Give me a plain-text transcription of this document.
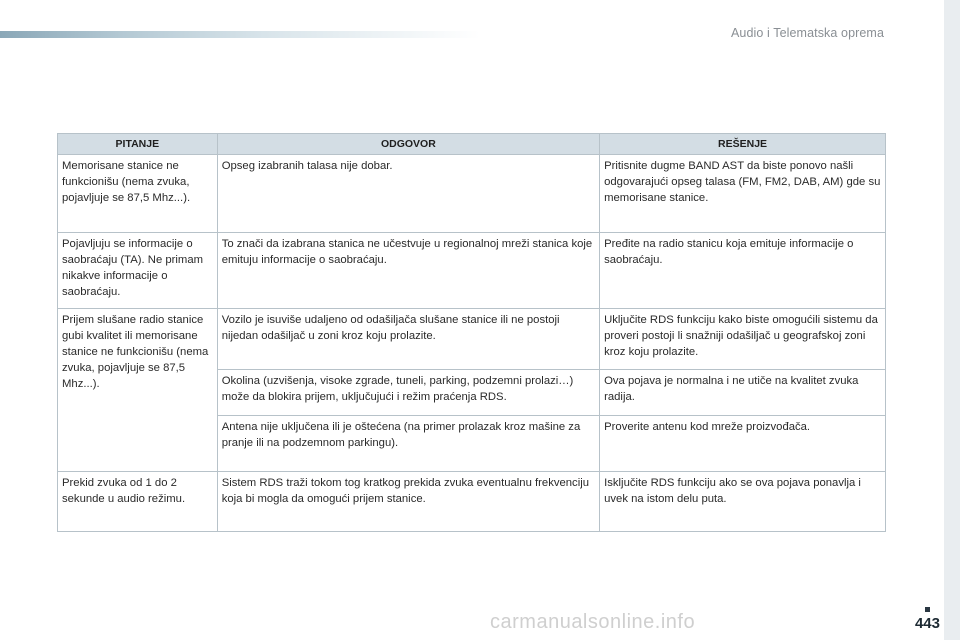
Audio i Telematska oprema
PITANJE	ODGOVOR	REŠENJE
Memorisane stanice ne funkcionišu (nema zvuka, pojavljuje se 87,5 Mhz...).	Opseg izabranih talasa nije dobar.	Pritisnite dugme BAND AST da biste ponovo našli odgovarajući opseg talasa (FM, FM2, DAB, AM) gde su memorisane stanice.
Pojavljuju se informacije o saobraćaju (TA). Ne primam nikakve informacije o saobraćaju.	To znači da izabrana stanica ne učestvuje u regionalnoj mreži stanica koje emituju informacije o saobraćaju.	Pređite na radio stanicu koja emituje informacije o saobraćaju.
Prijem slušane radio stanice gubi kvalitet ili memorisane stanice ne funkcionišu (nema zvuka, pojavljuje se 87,5 Mhz...).	Vozilo je isuviše udaljeno od odašiljača slušane stanice ili ne postoji nijedan odašiljač u zoni kroz koju prolazite.	Uključite RDS funkciju kako biste omogućili sistemu da proveri postoji li snažniji odašiljač u geografskoj zoni kroz koju prolazite.
	Okolina (uzvišenja, visoke zgrade, tuneli, parking, podzemni prolazi…) može da blokira prijem, uključujući i režim praćenja RDS.	Ova pojava je normalna i ne utiče na kvalitet zvuka radija.
	Antena nije uključena ili je oštećena (na primer prolazak kroz mašine za pranje ili na podzemnom parkingu).	Proverite antenu kod mreže proizvođača.
Prekid zvuka od 1 do 2 sekunde u audio režimu.	Sistem RDS traži tokom tog kratkog prekida zvuka eventualnu frekvenciju koja bi mogla da omogući prijem stanice.	Isključite RDS funkciju ako se ova pojava ponavlja i uvek na istom delu puta.
443
carmanualsonline.info
